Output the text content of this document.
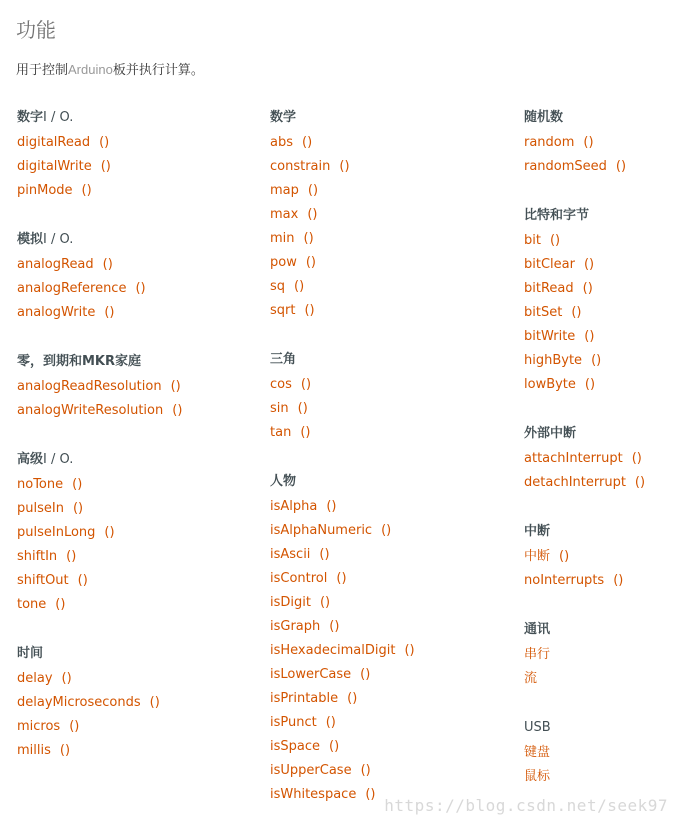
功能
用于控制Arduino板并执行计算。
数字I / O.
digitalRead ()
digitalWrite ()
pinMode ()
模拟I / O.
analogRead ()
analogReference ()
analogWrite ()
零，到期和MKR家庭
analogReadResolution ()
analogWriteResolution ()
高级I / O.
noTone ()
pulseIn ()
pulseInLong ()
shiftIn ()
shiftOut ()
tone ()
时间
delay ()
delayMicroseconds ()
micros ()
millis ()
数学
abs ()
constrain ()
map ()
max ()
min ()
pow ()
sq ()
sqrt ()
三角
cos ()
sin ()
tan ()
人物
isAlpha ()
isAlphaNumeric ()
isAscii ()
isControl ()
isDigit ()
isGraph ()
isHexadecimalDigit ()
isLowerCase ()
isPrintable ()
isPunct ()
isSpace ()
isUpperCase ()
isWhitespace ()
随机数
random ()
randomSeed ()
比特和字节
bit ()
bitClear ()
bitRead ()
bitSet ()
bitWrite ()
highByte ()
lowByte ()
外部中断
attachInterrupt ()
detachInterrupt ()
中断
中断 ()
noInterrupts ()
通讯
串行
流
USB
键盘
鼠标
https://blog.csdn.net/seek97
